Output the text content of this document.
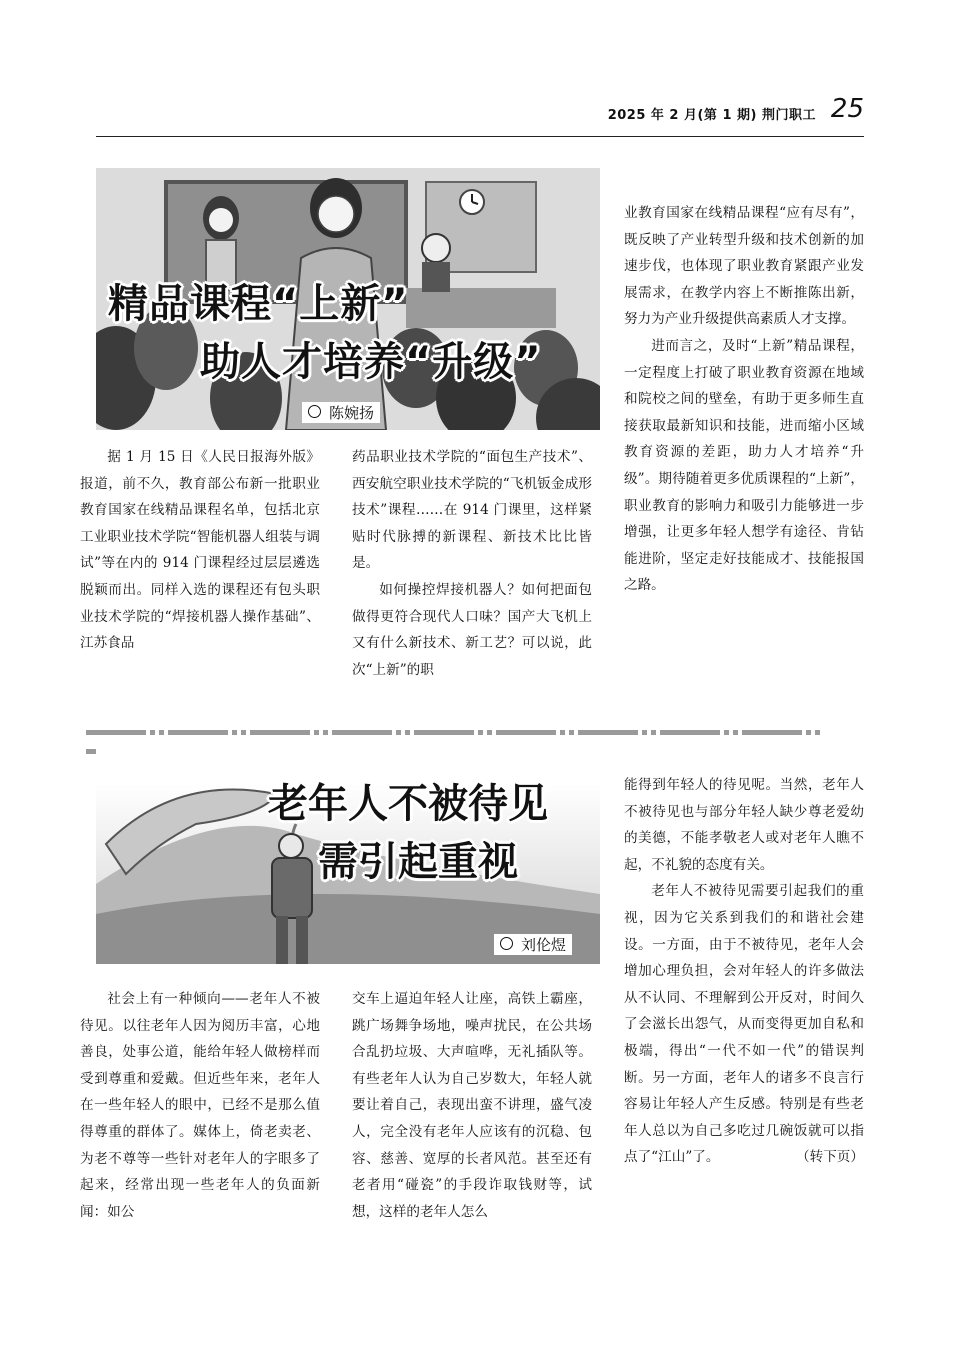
2025 年 2 月(第 1 期) 荆门职工 25
精品课程“上新”
助人才培养“升级”
陈婉扬

据 1 月 15 日《人民日报海外版》报道，前不久，教育部公布新一批职业教育国家在线精品课程名单，包括北京工业职业技术学院“智能机器人组装与调试”等在内的 914 门课程经过层层遴选脱颖而出。同样入选的课程还有包头职业技术学院的“焊接机器人操作基础”、江苏食品

药品职业技术学院的“面包生产技术”、西安航空职业技术学院的“飞机钣金成形技术”课程……在 914 门课里，这样紧贴时代脉搏的新课程、新技术比比皆是。

如何操控焊接机器人？如何把面包做得更符合现代人口味？国产大飞机上又有什么新技术、新工艺？可以说，此次“上新”的职

业教育国家在线精品课程“应有尽有”，既反映了产业转型升级和技术创新的加速步伐，也体现了职业教育紧跟产业发展需求，在教学内容上不断推陈出新，努力为产业升级提供高素质人才支撑。

进而言之，及时“上新”精品课程，一定程度上打破了职业教育资源在地域和院校之间的壁垒，有助于更多师生直接获取最新知识和技能，进而缩小区域教育资源的差距，助力人才培养“升级”。期待随着更多优质课程的“上新”，职业教育的影响力和吸引力能够进一步增强，让更多年轻人想学有途径、肯钻能进阶，坚定走好技能成才、技能报国之路。

老年人不被待见
需引起重视
刘伦煜

社会上有一种倾向——老年人不被待见。以往老年人因为阅历丰富，心地善良，处事公道，能给年轻人做榜样而受到尊重和爱戴。但近些年来，老年人在一些年轻人的眼中，已经不是那么值得尊重的群体了。媒体上，倚老卖老、为老不尊等一些针对老年人的字眼多了起来，经常出现一些老年人的负面新闻：如公

交车上逼迫年轻人让座，高铁上霸座，跳广场舞争场地，噪声扰民，在公共场合乱扔垃圾、大声喧哗，无礼插队等。有些老年人认为自己岁数大，年轻人就要让着自己，表现出蛮不讲理，盛气凌人，完全没有老年人应该有的沉稳、包容、慈善、宽厚的长者风范。甚至还有老者用“碰瓷”的手段诈取钱财等，试想，这样的老年人怎么

能得到年轻人的待见呢。当然，老年人不被待见也与部分年轻人缺少尊老爱幼的美德，不能孝敬老人或对老年人瞧不起，不礼貌的态度有关。

老年人不被待见需要引起我们的重视，因为它关系到我们的和谐社会建设。一方面，由于不被待见，老年人会增加心理负担，会对年轻人的许多做法从不认同、不理解到公开反对，时间久了会滋长出怨气，从而变得更加自私和极端，得出“一代不如一代”的错误判断。另一方面，老年人的诸多不良言行容易让年轻人产生反感。特别是有些老年人总以为自己多吃过几碗饭就可以指点了“江山”了。	（转下页）
